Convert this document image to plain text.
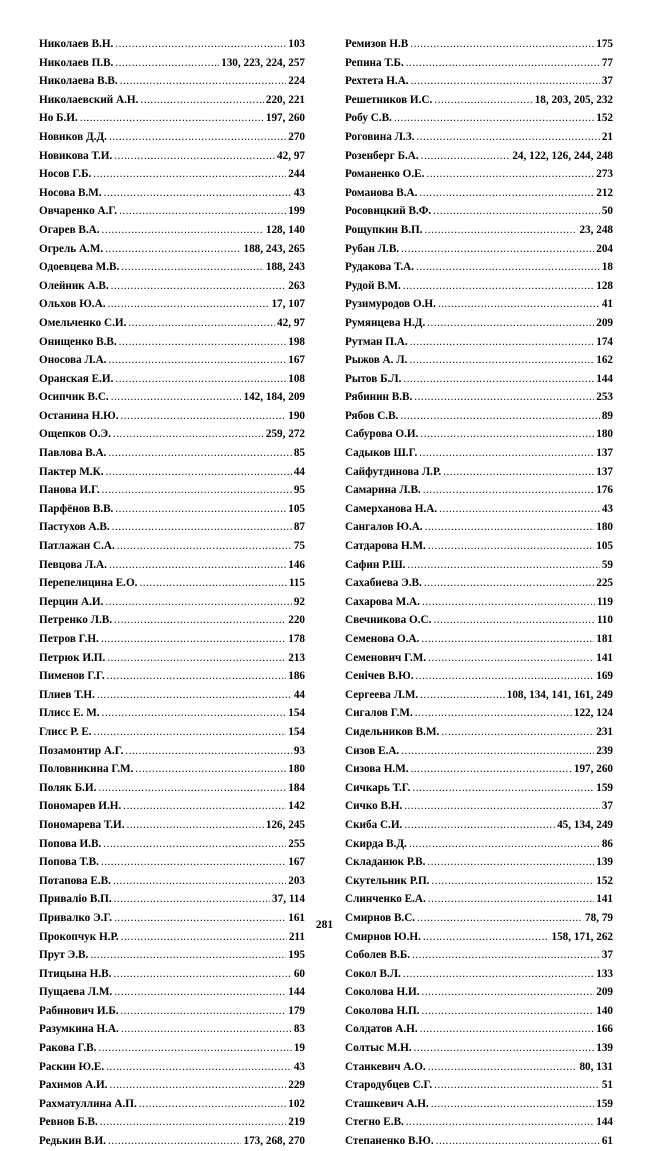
Николаев В.Н. .....	103
Николаев П.В. .....	130, 223, 224, 257
Николаева В.В. .....	224
Николаевский А.Н. .....	220, 221
Но Б.И. .....	197, 260
Новиков Д.Д. .....	270
Новикова Т.И. .....	42, 97
Носов Г.Б. .....	244
Носова В.М. .....	43
Овчаренко А.Г. .....	199
Огарев В.А. .....	128, 140
Огрель А.М. .....	188, 243, 265
Одоевцева М.В. .....	188, 243
Олейник А.В. .....	263
Ольхов Ю.А. .....	17, 107
Омельченко С.И. .....	42, 97
Онищенко В.В. .....	198
Оносова Л.А. .....	167
Оранская Е.И. .....	108
Осипчик В.С. .....	142, 184, 209
Останина Н.Ю. .....	190
Ощепков О.Э. .....	259, 272
Павлова В.А. .....	85
Пактер М.К. .....	44
Панова И.Г. .....	95
Парфёнов В.В. .....	105
Пастухов А.В. .....	87
Патлажан С.А. .....	75
Певцова Л.А. .....	146
Перепелицина Е.О. .....	115
Перцин А.И. .....	92
Петренко Л.В. .....	220
Петров Г.Н. .....	178
Петрюк И.П. .....	213
Пименов Г.Г. .....	186
Плиев Т.Н. .....	44
Плисс Е. М. .....	154
Глисс Р. Е. .....	154
Позамонтир А.Г. .....	93
Половникина Г.М. .....	180
Поляк Б.И. .....	184
Пономарев И.Н. .....	142
Пономарева Т.И. .....	126, 245
Попова И.В. .....	255
Попова Т.В. .....	167
Потапова Е.В. .....	203
Приваліо В.П. .....	37, 114
Привалко Э.Г. .....	161
Прокопчук Н.Р. .....	211
Прут Э.В. .....	195
Птицына Н.В. .....	60
Пущаева Л.М. .....	144
Рабинович И.Б. .....	179
Разумкина Н.А. .....	83
Ракова Г.В. .....	19
Раскин Ю.Е. .....	43
Рахимов А.И. .....	229
Рахматуллина А.П. .....	102
Ревнов Б.В. .....	219
Редькин В.И. .....	173, 268, 270
Ремизов Н.В .....	175
Репина Т.Б. .....	77
Рехтета Н.А. .....	37
Решетников И.С. .....	18, 203, 205, 232
Робу С.В. .....	152
Роговина Л.З. .....	21
Розенберг Б.А. .....	24, 122, 126, 244, 248
Романенко О.Е. .....	273
Романова В.А. .....	212
Росовицкий В.Ф. .....	50
Рощупкин В.П. .....	23, 248
Рубан Л.В. .....	204
Рудакова Т.А. .....	18
Рудой В.М. .....	128
Рузимуродов О.Н. .....	41
Румянцева Н.Д. .....	209
Рутман П.А. .....	174
Рыжов А. Л. .....	162
Рытов Б.Л. .....	144
Рябинин В.В. .....	253
Рябов С.В. .....	89
Сабурова О.И. .....	180
Садыков Ш.Г. .....	137
Сайфутдинова Л.Р. .....	137
Самарина Л.В. .....	176
Самерханова Н.А. .....	43
Сангалов Ю.А. .....	180
Сатдарова Н.М. .....	105
Сафин Р.Ш. .....	59
Сахабиева Э.В. .....	225
Сахарова М.А. .....	119
Свечникова О.С. .....	110
Семенова О.А. .....	181
Семенович Г.М. .....	141
Сенічев В.Ю. .....	169
Сергеева Л.М. .....	108, 134, 141, 161, 249
Сигалов Г.М. .....	122, 124
Сидельников В.М. .....	231
Сизов Е.А. .....	239
Сизова Н.М. .....	197, 260
Сичкарь Т.Г. .....	159
Сичко В.Н. .....	37
Скиба С.И. .....	45, 134, 249
Скирда В.Д. .....	86
Складанюк Р.В. .....	139
Скутельник Р.П. .....	152
Слинченко Е.А. .....	141
Смирнов В.С. .....	78, 79
Смирнов Ю.Н. .....	158, 171, 262
Соболев В.Б. .....	37
Сокол В.Л. .....	133
Соколова Н.И. .....	209
Соколова Н.П. .....	140
Солдатов А.Н. .....	166
Солтыс М.Н. .....	139
Станкевич А.О. .....	80, 131
Стародубцев С.Г. .....	51
Сташкевич А.Н. .....	159
Стегно Е.В. .....	144
Степаненко В.Ю. .....	61
281
